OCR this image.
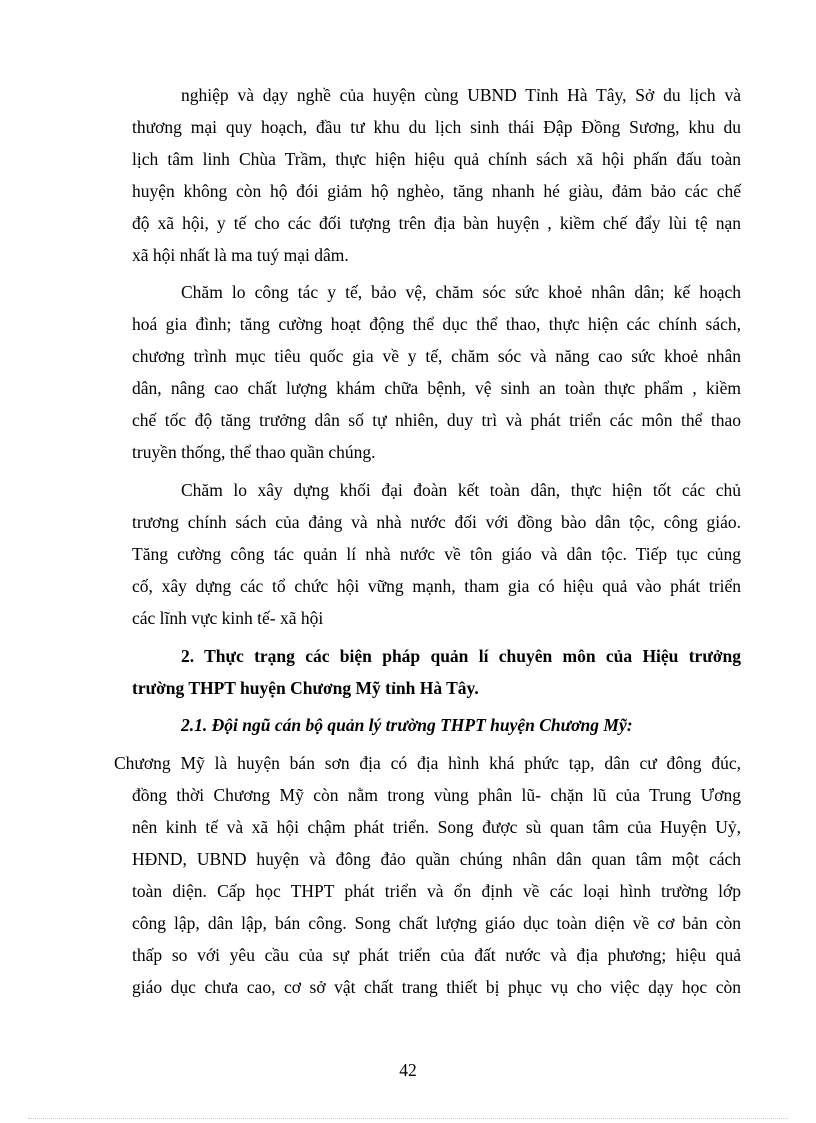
nghiệp và dạy nghề của huyện cùng UBND Tỉnh Hà Tây, Sở du lịch và
thương mại quy hoạch, đầu tư khu du lịch sinh thái Đập Đồng Sương, khu du
lịch tâm linh Chùa Trầm, thực hiện hiệu quả chính sách xã hội phấn đấu toàn
huyện không còn hộ đói giảm hộ nghèo, tăng nhanh hé giàu, đảm bảo các chế
độ xã hội, y tế cho các đối tượng trên địa bàn huyện , kiềm chế đẩy lùi tệ nạn
xã hội nhất là ma tuý mại dâm.
Chăm lo công tác y tế, bảo vệ, chăm sóc sức khoẻ nhân dân; kế hoạch
hoá gia đình; tăng cường hoạt động thể dục thể thao, thực hiện các chính sách,
chương trình mục tiêu quốc gia về y tế, chăm sóc và năng cao sức khoẻ nhân
dân, nâng cao chất lượng khám chữa bệnh, vệ sinh an toàn thực phẩm , kiềm
chế tốc độ tăng trưởng dân số tự nhiên, duy trì và phát triển các môn thể thao
truyền thống, thể thao quần chúng.
Chăm lo xây dựng khối đại đoàn kết toàn dân, thực hiện tốt các chủ
trương chính sách của đảng và nhà nước đối với đồng bào dân tộc, công giáo.
Tăng cường công tác quản lí nhà nước về tôn giáo và dân tộc. Tiếp tục củng
cố, xây dựng các tổ chức hội vững mạnh, tham gia có hiệu quả vào phát triển
các lĩnh vực kinh tế- xã hội
2. Thực trạng các biện pháp quản lí chuyên môn của Hiệu trưởng
trường THPT huyện Chương Mỹ tỉnh Hà Tây.
2.1. Đội ngũ cán bộ quản lý trường THPT huyện Chương Mỹ:
Chương Mỹ là huyện bán sơn địa có địa hình khá phức tạp, dân cư đông đúc,
đồng thời Chương Mỹ còn nằm trong vùng phân lũ- chặn lũ của Trung Ương
nên kinh tế và xã hội chậm phát triển. Song được sù quan tâm của Huyện Uỷ,
HĐND, UBND huyện và đông đảo quần chúng nhân dân quan tâm một cách
toàn diện. Cấp học THPT phát triển và ổn định về các loại hình trường lớp
công lập, dân lập, bán công. Song chất lượng giáo dục toàn diện về cơ bản còn
thấp so với yêu cầu của sự phát triển của đất nước và địa phương; hiệu quả
giáo dục chưa cao, cơ sở vật chất trang thiết bị phục vụ cho việc dạy học còn
42
